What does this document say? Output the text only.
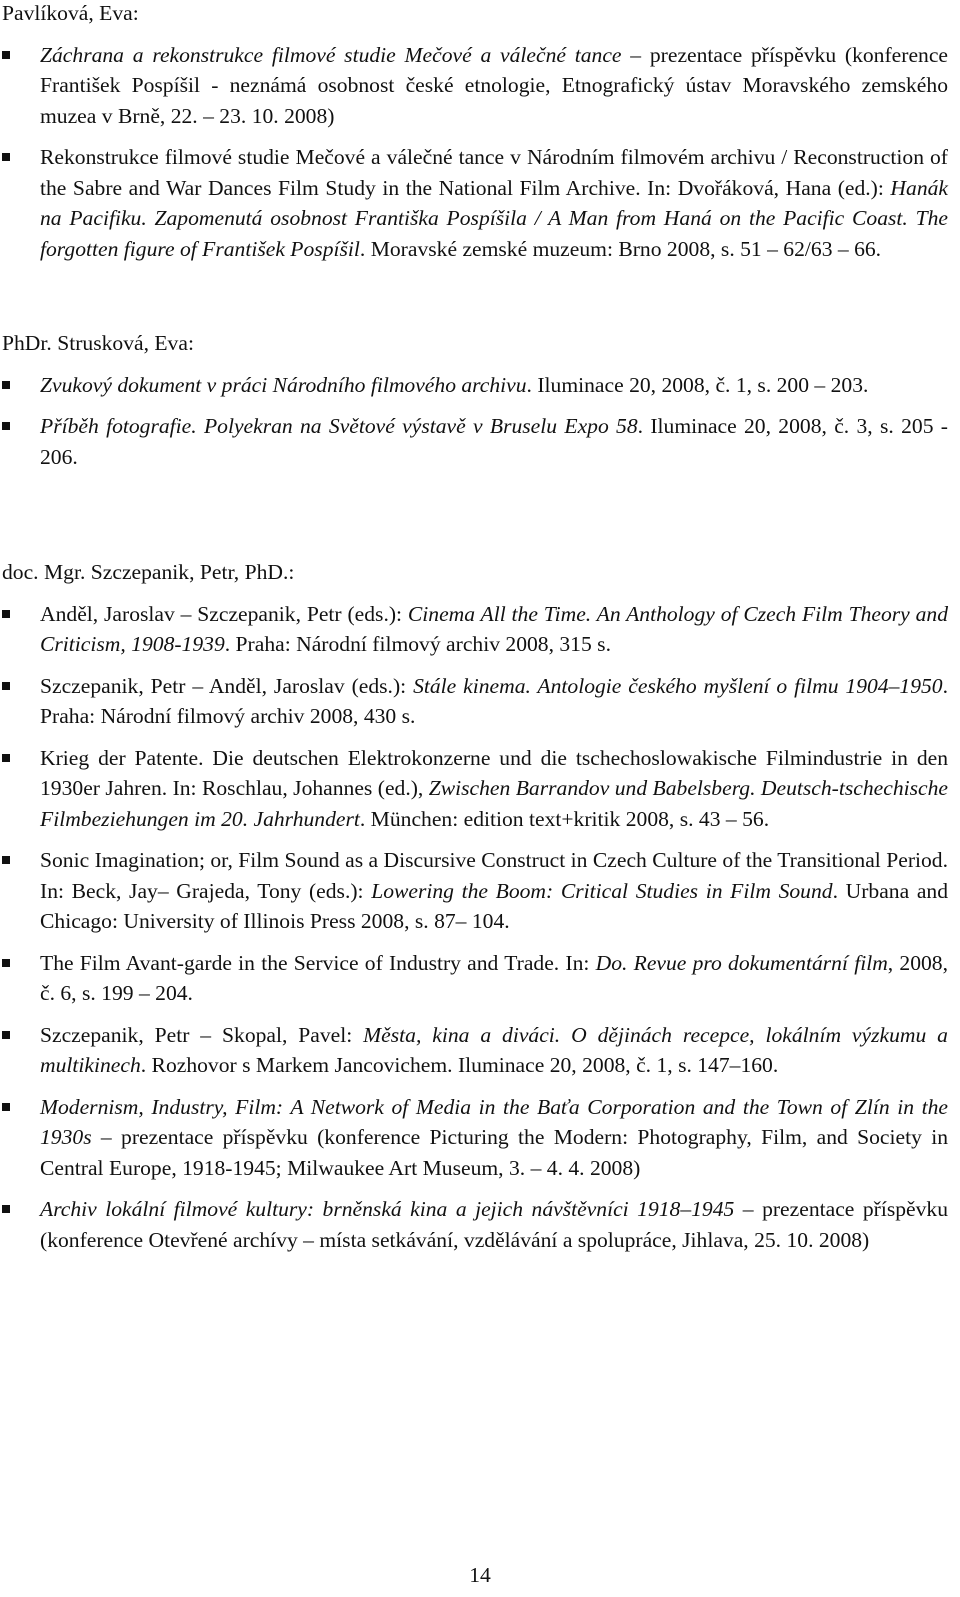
Pavlíková, Eva:
Záchrana a rekonstrukce filmové studie Mečové a válečné tance – prezentace příspěvku (konference František Pospíšil - neznámá osobnost české etnologie, Etnografický ústav Moravského zemského muzea v Brně, 22. – 23. 10. 2008)
Rekonstrukce filmové studie Mečové a válečné tance v Národním filmovém archivu / Reconstruction of the Sabre and War Dances Film Study in the National Film Archive. In: Dvořáková, Hana (ed.): Hanák na Pacifiku. Zapomenutá osobnost Františka Pospíšila / A Man from Haná on the Pacific Coast. The forgotten figure of František Pospíšil. Moravské zemské muzeum: Brno 2008, s. 51 – 62/63 – 66.
PhDr. Strusková, Eva:
Zvukový dokument v práci Národního filmového archivu. Iluminace 20, 2008, č. 1, s. 200 – 203.
Příběh fotografie. Polyekran na Světové výstavě v Bruselu Expo 58. Iluminace 20, 2008, č. 3, s. 205 - 206.
doc. Mgr. Szczepanik, Petr, PhD.:
Anděl, Jaroslav – Szczepanik, Petr (eds.): Cinema All the Time. An Anthology of Czech Film Theory and Criticism, 1908-1939. Praha: Národní filmový archiv 2008, 315 s.
Szczepanik, Petr – Anděl, Jaroslav (eds.): Stále kinema. Antologie českého myšlení o filmu 1904–1950. Praha: Národní filmový archiv 2008, 430 s.
Krieg der Patente. Die deutschen Elektrokonzerne und die tschechoslowakische Filmindustrie in den 1930er Jahren. In: Roschlau, Johannes (ed.), Zwischen Barrandov und Babelsberg. Deutsch-tschechische Filmbeziehungen im 20. Jahrhundert. München: edition text+kritik 2008, s. 43 – 56.
Sonic Imagination; or, Film Sound as a Discursive Construct in Czech Culture of the Transitional Period. In: Beck, Jay– Grajeda, Tony (eds.): Lowering the Boom: Critical Studies in Film Sound. Urbana and Chicago: University of Illinois Press 2008, s. 87– 104.
The Film Avant-garde in the Service of Industry and Trade. In: Do. Revue pro dokumentární film, 2008, č. 6, s. 199 – 204.
Szczepanik, Petr – Skopal, Pavel: Města, kina a diváci. O dějinách recepce, lokálním výzkumu a multikinech. Rozhovor s Markem Jancovichem. Iluminace 20, 2008, č. 1, s. 147–160.
Modernism, Industry, Film: A Network of Media in the Baťa Corporation and the Town of Zlín in the 1930s – prezentace příspěvku (konference Picturing the Modern: Photography, Film, and Society in Central Europe, 1918-1945; Milwaukee Art Museum, 3. – 4. 4. 2008)
Archiv lokální filmové kultury: brněnská kina a jejich návštěvníci 1918–1945 – prezentace příspěvku (konference Otevřené archívy – místa setkávání, vzdělávání a spolupráce, Jihlava, 25. 10. 2008)
14
